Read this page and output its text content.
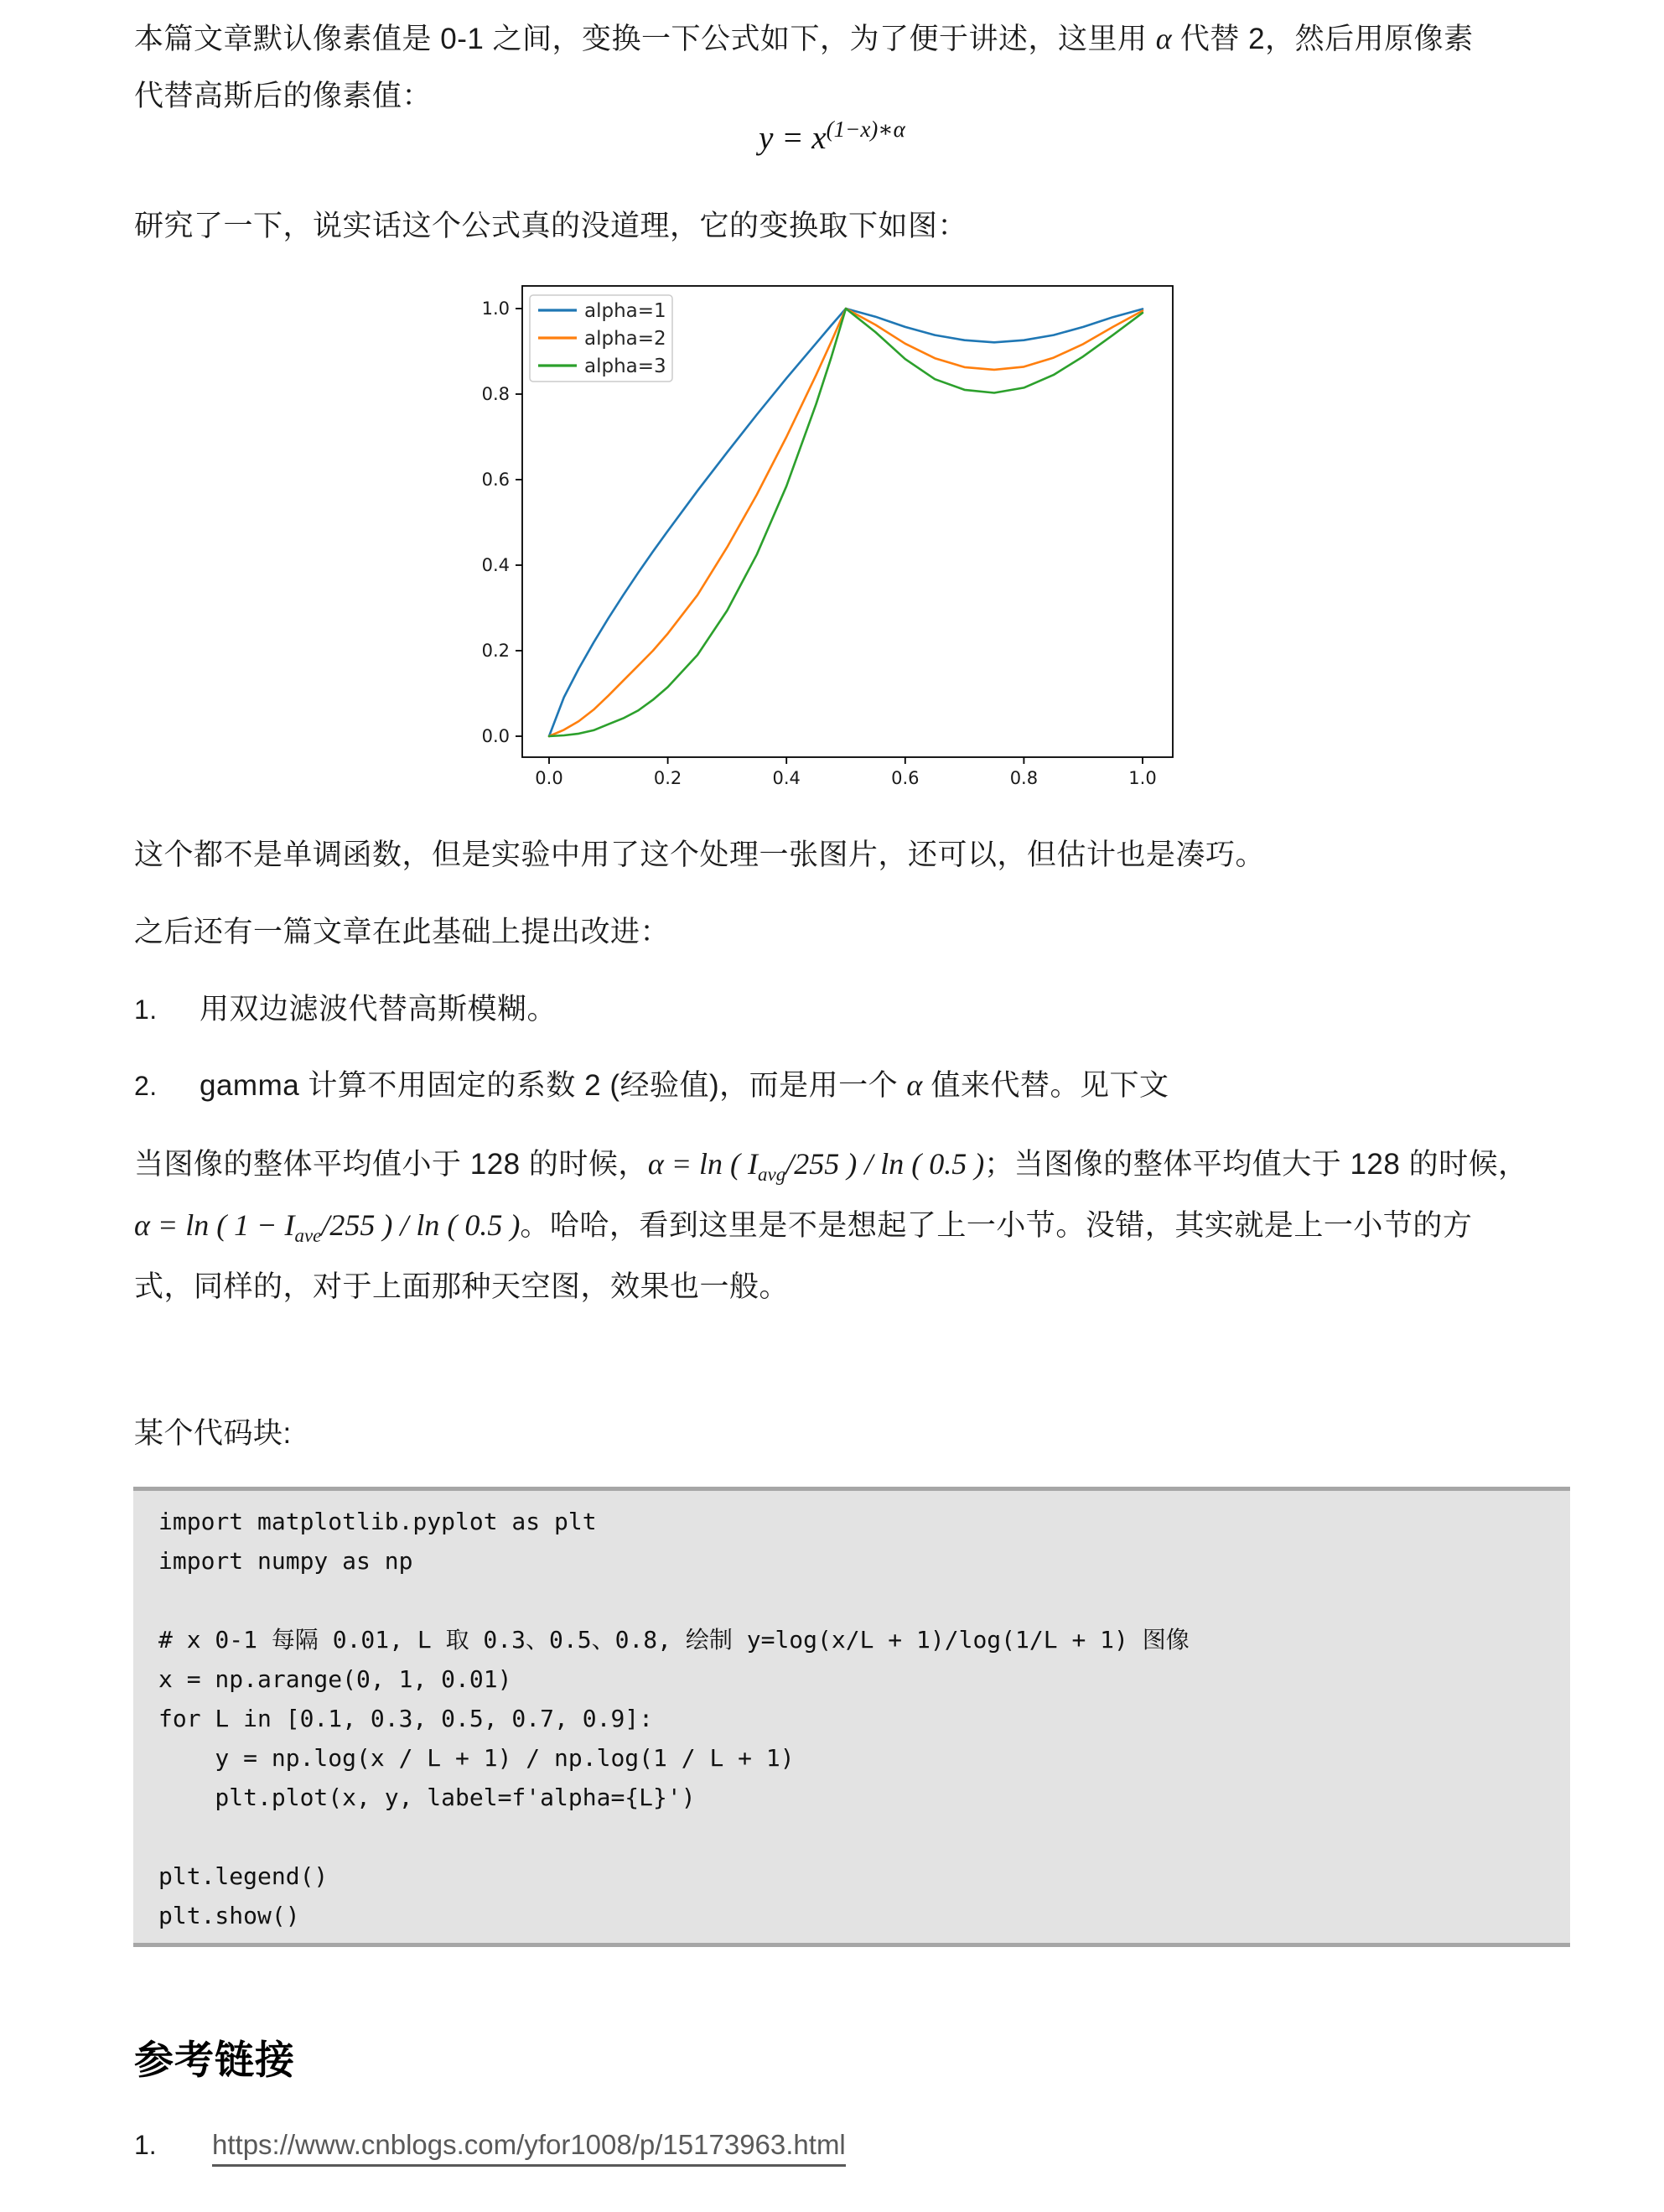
本篇文章默认像素值是 0-1 之间，变换一下公式如下，为了便于讲述，这里用 α 代替 2，然后用原像素
代替高斯后的像素值：
$y = x^{(1-x)∗\alpha}$
研究了一下，说实话这个公式真的没道理，它的变换取下如图：
0.0	0.2	0.4	0.6	0.8	1.0
0.0
0.2
0.4
0.6
0.8
1.0	alpha=1
alpha=2
alpha=3
这个都不是单调函数，但是实验中用了这个处理一张图片，还可以，但估计也是凑巧。
之后还有一篇文章在此基础上提出改进：
1. 用双边滤波代替高斯模糊。
2. gamma 计算不用固定的系数 2 (经验值)，而是用一个 α 值来代替。见下文
当图像的整体平均值小于 128 的时候，α = ln ( $I_{avg}/255$ ) / ln ( 0.5 )；当图像的整体平均值大于 128 的时候，
α = ln ( $1 - I_{ave}/255$ ) / ln ( 0.5 )。哈哈，看到这里是不是想起了上一小节。没错，其实就是上一小节的方
式，同样的，对于上面那种天空图，效果也一般。
某个代码块:
import matplotlib.pyplot as plt
import numpy as np
# x 0-1 每隔 0.01, L 取 0.3、0.5、0.8, 绘制 y=log(x/L + 1)/log(1/L + 1) 图像
x = np.arange(0, 1, 0.01)
for L in [0.1, 0.3, 0.5, 0.7, 0.9]:
y = np.log(x / L + 1) / np.log(1 / L + 1)
plt.plot(x, y, label=f'alpha={L}')
plt.legend()
plt.show()
参考链接
1. https://www.cnblogs.com/yfor1008/p/15173963.html
